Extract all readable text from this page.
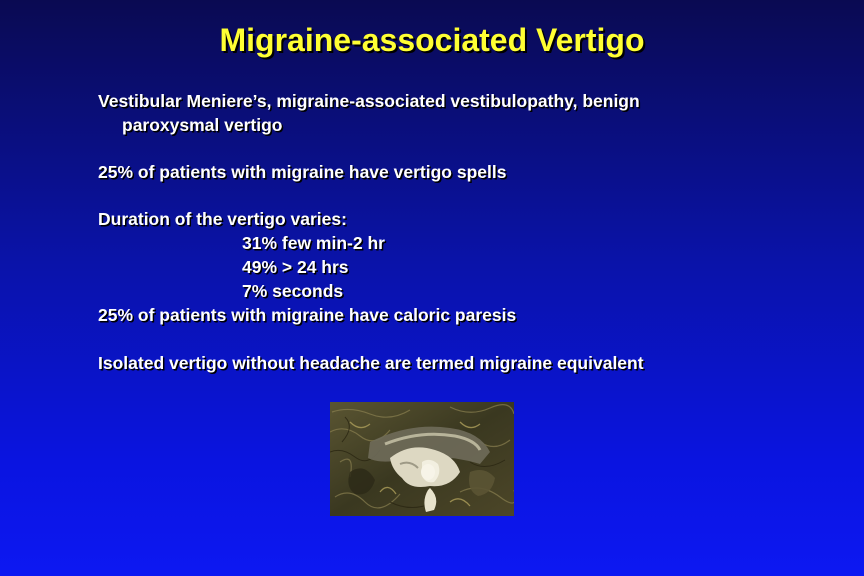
Migraine-associated Vertigo
Vestibular Meniere’s, migraine-associated vestibulopathy, benign
paroxysmal vertigo
25% of patients with migraine have vertigo spells
Duration of the vertigo varies:
31% few min-2 hr
49% > 24 hrs
7% seconds
25% of patients with migraine have caloric paresis
Isolated vertigo without headache are termed migraine equivalent
